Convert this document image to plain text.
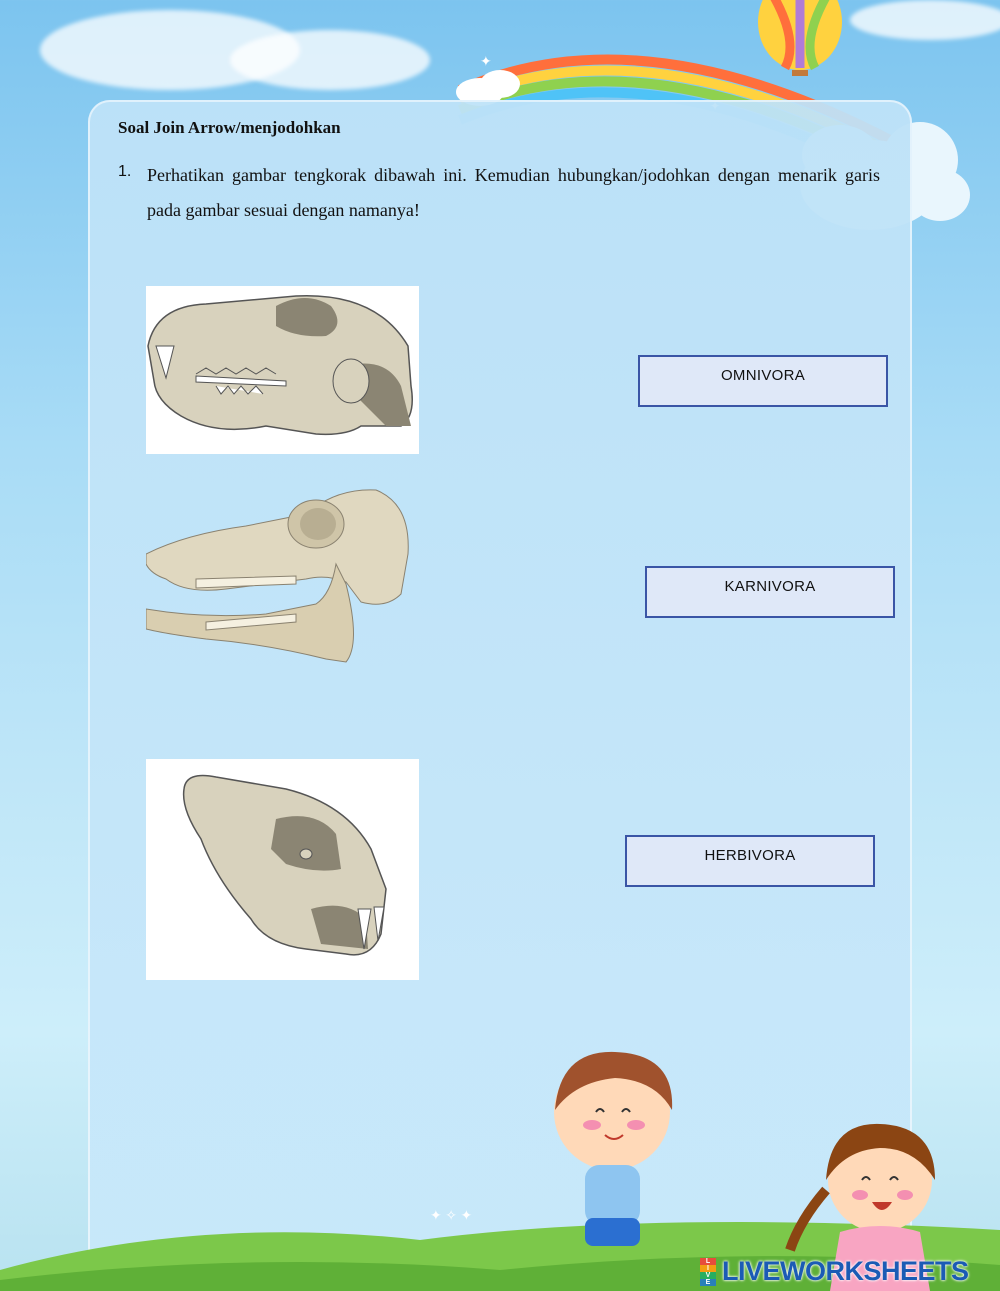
✦
Soal Join Arrow/menjodohkan
1. Perhatikan gambar tengkorak dibawah ini. Kemudian hubungkan/jodohkan dengan menarik garis pada gambar sesuai dengan namanya!
OMNIVORA
KARNIVORA
HERBIVORA
✦ ✧ ✦
L
I
V
E LIVEWORKSHEETS
